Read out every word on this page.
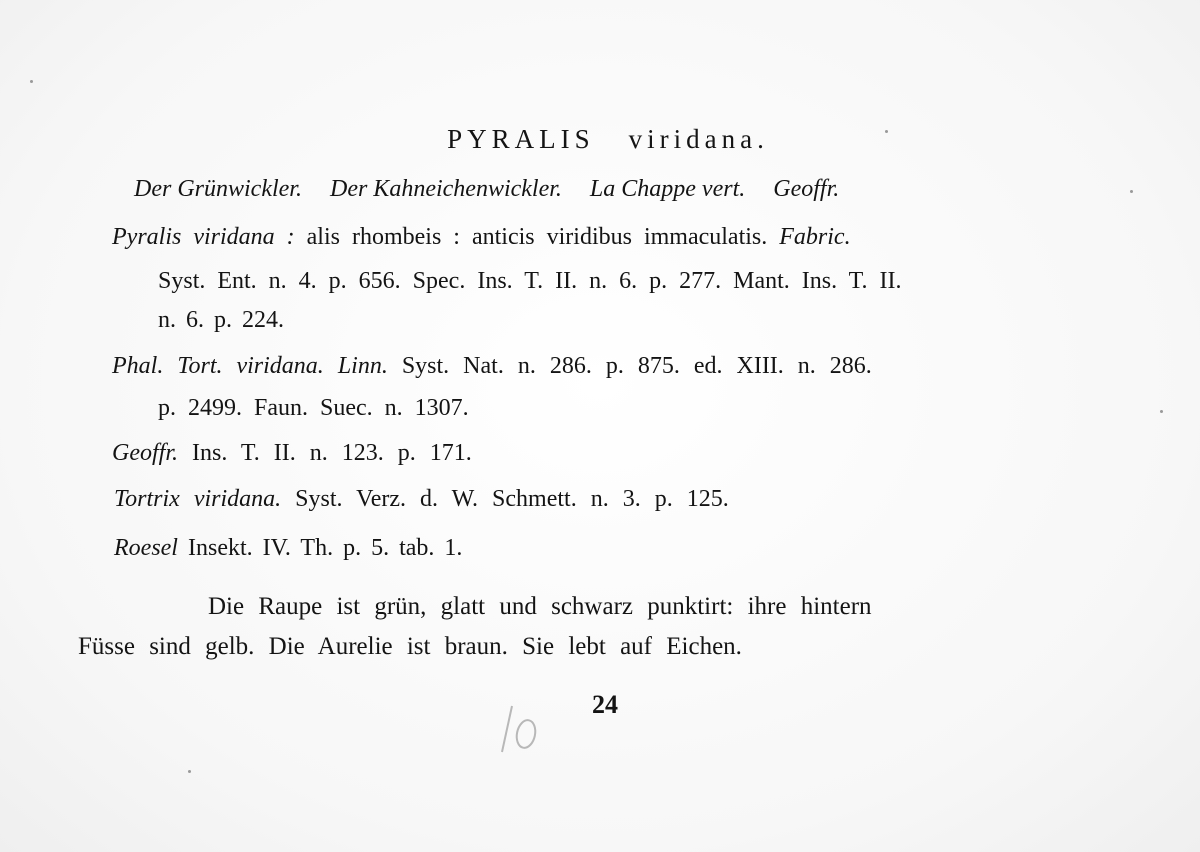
PYRALIS viridana.
Der Grünwickler. Der Kahneichenwickler. La Chappe vert. Geoffr.
Pyralis viridana : alis rhombeis : anticis viridibus immaculatis. Fabric.
Syst. Ent. n. 4. p. 656. Spec. Ins. T. II. n. 6. p. 277. Mant. Ins. T. II.
n. 6. p. 224.
Phal. Tort. viridana. Linn. Syst. Nat. n. 286. p. 875. ed. XIII. n. 286.
p. 2499. Faun. Suec. n. 1307.
Geoffr. Ins. T. II. n. 123. p. 171.
Tortrix viridana. Syst. Verz. d. W. Schmett. n. 3. p. 125.
Roesel Insekt. IV. Th. p. 5. tab. 1.
Die Raupe ist grün, glatt und schwarz punktirt: ihre hintern
Füsse sind gelb. Die Aurelie ist braun. Sie lebt auf Eichen.
24
